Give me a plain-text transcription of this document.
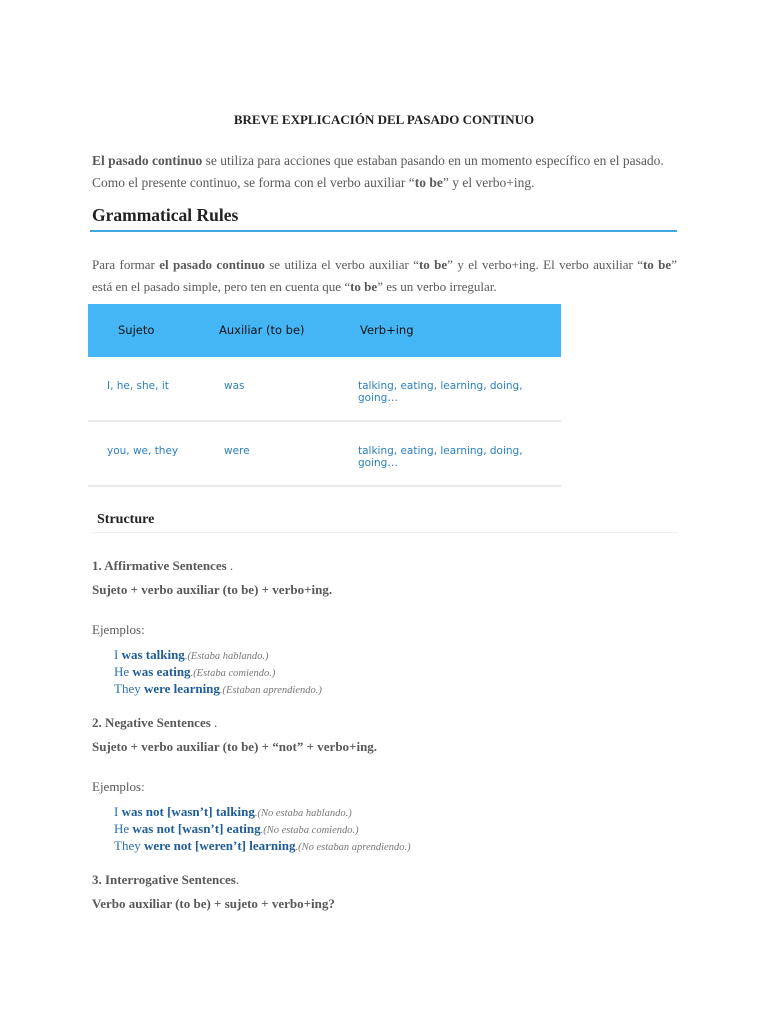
BREVE EXPLICACIÓN DEL PASADO CONTINUO
El pasado continuo se utiliza para acciones que estaban pasando en un momento específico en el pasado. Como el presente continuo, se forma con el verbo auxiliar “to be” y el verbo+ing.
Grammatical Rules
Para formar el pasado continuo se utiliza el verbo auxiliar “to be” y el verbo+ing. El verbo auxiliar “to be” está en el pasado simple, pero ten en cuenta que “to be” es un verbo irregular.
Sujeto	Auxiliar (to be)	Verb+ing
I, he, she, it	was	talking, eating, learning, doing, going…
you, we, they	were	talking, eating, learning, doing, going…
Structure
1. Affirmative Sentences .
Sujeto + verbo auxiliar (to be) + verbo+ing.
Ejemplos:
I was talking.(Estaba hablando.)
He was eating.(Estaba comiendo.)
They were learning.(Estaban aprendiendo.)
2. Negative Sentences .
Sujeto + verbo auxiliar (to be) + “not” + verbo+ing.
Ejemplos:
I was not [wasn’t] talking.(No estaba hablando.)
He was not [wasn’t] eating.(No estaba comiendo.)
They were not [weren’t] learning.(No estaban aprendiendo.)
3. Interrogative Sentences.
Verbo auxiliar (to be) + sujeto + verbo+ing?
